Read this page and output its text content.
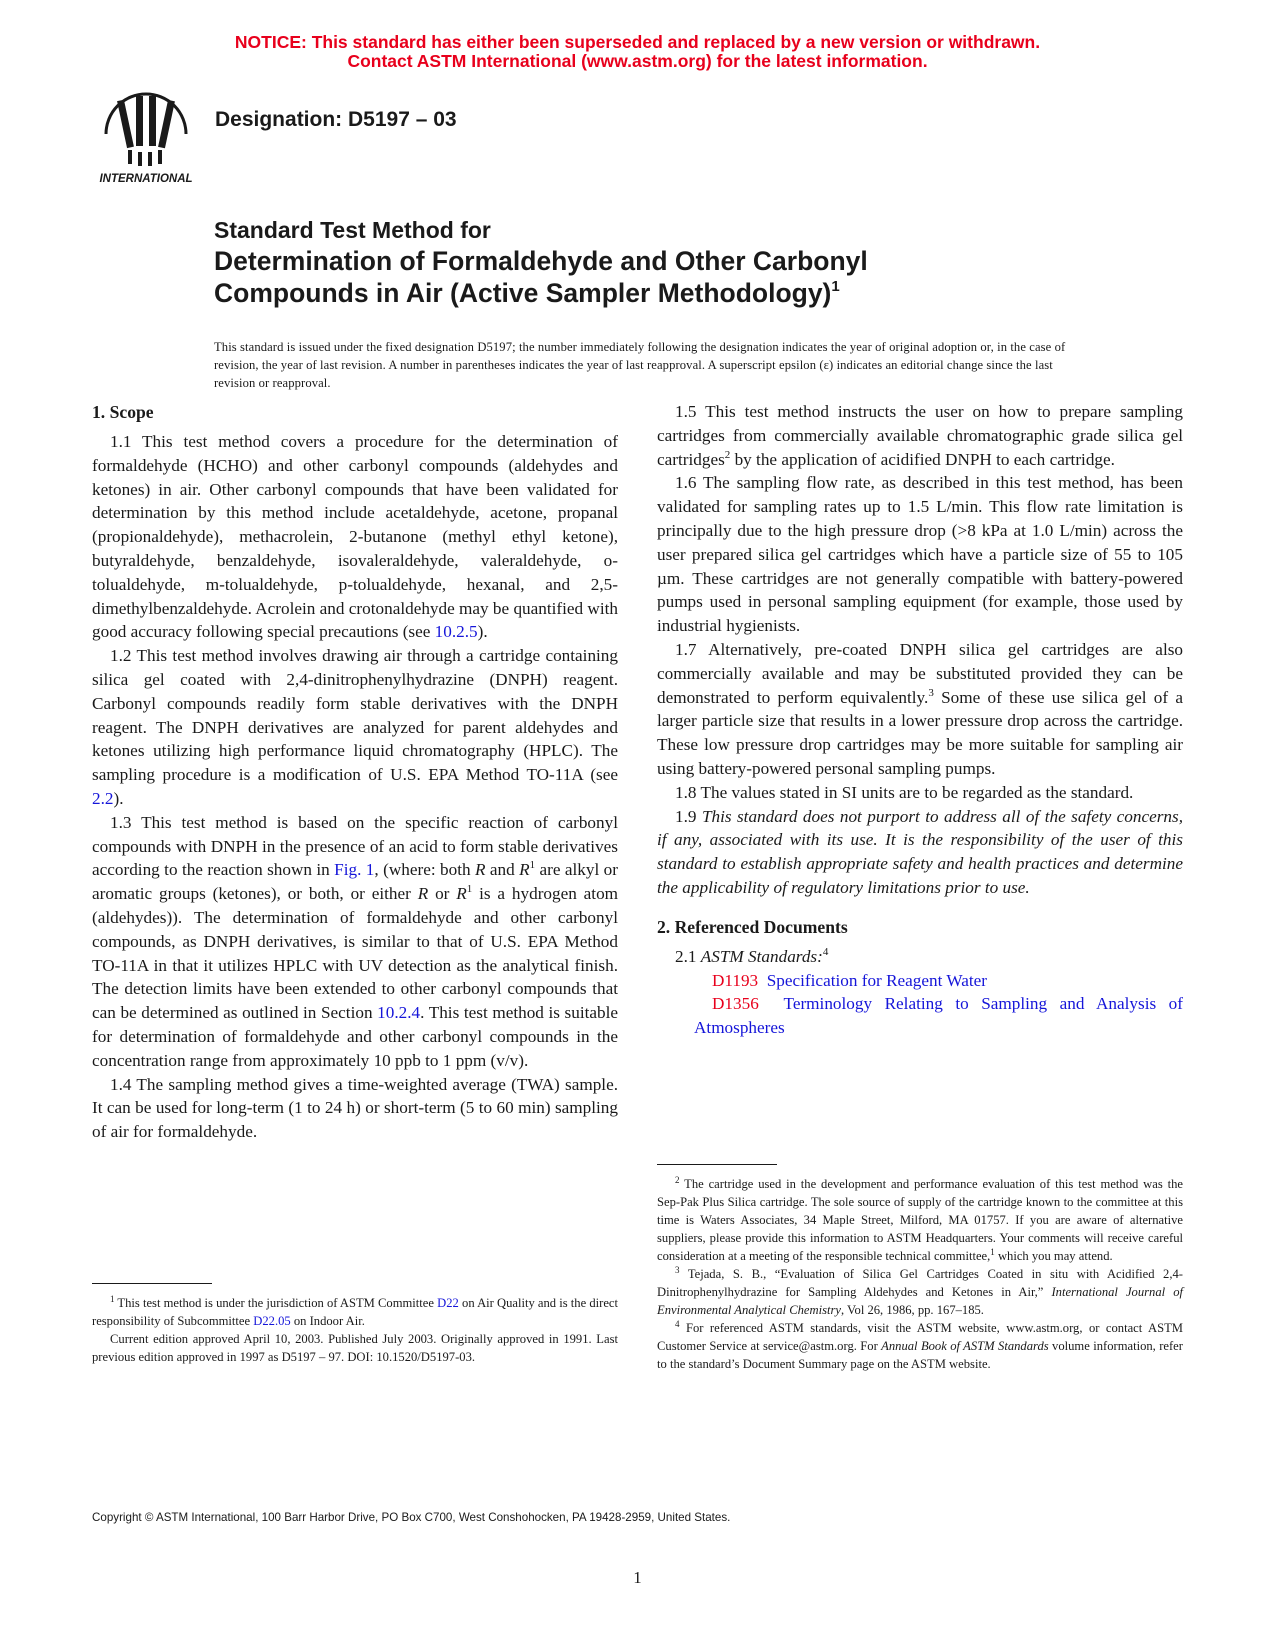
NOTICE: This standard has either been superseded and replaced by a new version or withdrawn.
Contact ASTM International (www.astm.org) for the latest information.
INTERNATIONAL
Designation: D5197 – 03
Standard Test Method for
Determination of Formaldehyde and Other Carbonyl
Compounds in Air (Active Sampler Methodology)$^1$
This standard is issued under the fixed designation D5197; the number immediately following the designation indicates the year of original adoption or, in the case of revision, the year of last revision. A number in parentheses indicates the year of last reapproval. A superscript epsilon (ε) indicates an editorial change since the last revision or reapproval.
1. Scope

1.1 This test method covers a procedure for the determination of formaldehyde (HCHO) and other carbonyl compounds (aldehydes and ketones) in air. Other carbonyl compounds that have been validated for determination by this method include acetaldehyde, acetone, propanal (propionaldehyde), methacrolein, 2-butanone (methyl ethyl ketone), butyraldehyde, benzaldehyde, isovaleraldehyde, valeraldehyde, o-tolualdehyde, m-tolualdehyde, p-tolualdehyde, hexanal, and 2,5-dimethylbenzaldehyde. Acrolein and crotonaldehyde may be quantified with good accuracy following special precautions (see 10.2.5).

1.2 This test method involves drawing air through a cartridge containing silica gel coated with 2,4-dinitrophenylhydrazine (DNPH) reagent. Carbonyl compounds readily form stable derivatives with the DNPH reagent. The DNPH derivatives are analyzed for parent aldehydes and ketones utilizing high performance liquid chromatography (HPLC). The sampling procedure is a modification of U.S. EPA Method TO-11A (see 2.2).

1.3 This test method is based on the specific reaction of carbonyl compounds with DNPH in the presence of an acid to form stable derivatives according to the reaction shown in Fig. 1, (where: both R and R$^1$ are alkyl or aromatic groups (ketones), or both, or either R or R$^1$ is a hydrogen atom (aldehydes)). The determination of formaldehyde and other carbonyl compounds, as DNPH derivatives, is similar to that of U.S. EPA Method TO-11A in that it utilizes HPLC with UV detection as the analytical finish. The detection limits have been extended to other carbonyl compounds that can be determined as outlined in Section 10.2.4. This test method is suitable for determination of formaldehyde and other carbonyl compounds in the concentration range from approximately 10 ppb to 1 ppm (v/v).

1.4 The sampling method gives a time-weighted average (TWA) sample. It can be used for long-term (1 to 24 h) or short-term (5 to 60 min) sampling of air for formaldehyde.

1.5 This test method instructs the user on how to prepare sampling cartridges from commercially available chromatographic grade silica gel cartridges$^2$ by the application of acidified DNPH to each cartridge.

1.6 The sampling flow rate, as described in this test method, has been validated for sampling rates up to 1.5 L/min. This flow rate limitation is principally due to the high pressure drop (>8 kPa at 1.0 L/min) across the user prepared silica gel cartridges which have a particle size of 55 to 105 µm. These cartridges are not generally compatible with battery-powered pumps used in personal sampling equipment (for example, those used by industrial hygienists.

1.7 Alternatively, pre-coated DNPH silica gel cartridges are also commercially available and may be substituted provided they can be demonstrated to perform equivalently.$^3$ Some of these use silica gel of a larger particle size that results in a lower pressure drop across the cartridge. These low pressure drop cartridges may be more suitable for sampling air using battery-powered personal sampling pumps.

1.8 The values stated in SI units are to be regarded as the standard.

1.9 This standard does not purport to address all of the safety concerns, if any, associated with its use. It is the responsibility of the user of this standard to establish appropriate safety and health practices and determine the applicability of regulatory limitations prior to use.

2. Referenced Documents

2.1 ASTM Standards:$^4$

D1193 Specification for Reagent Water

D1356 Terminology Relating to Sampling and Analysis of Atmospheres

$^1$ This test method is under the jurisdiction of ASTM Committee D22 on Air Quality and is the direct responsibility of Subcommittee D22.05 on Indoor Air.

Current edition approved April 10, 2003. Published July 2003. Originally approved in 1991. Last previous edition approved in 1997 as D5197 – 97. DOI: 10.1520/D5197-03.

$^2$ The cartridge used in the development and performance evaluation of this test method was the Sep-Pak Plus Silica cartridge. The sole source of supply of the cartridge known to the committee at this time is Waters Associates, 34 Maple Street, Milford, MA 01757. If you are aware of alternative suppliers, please provide this information to ASTM Headquarters. Your comments will receive careful consideration at a meeting of the responsible technical committee,$^1$ which you may attend.

$^3$ Tejada, S. B., “Evaluation of Silica Gel Cartridges Coated in situ with Acidified 2,4-Dinitrophenylhydrazine for Sampling Aldehydes and Ketones in Air,” International Journal of Environmental Analytical Chemistry, Vol 26, 1986, pp. 167–185.

$^4$ For referenced ASTM standards, visit the ASTM website, www.astm.org, or contact ASTM Customer Service at service@astm.org. For Annual Book of ASTM Standards volume information, refer to the standard’s Document Summary page on the ASTM website.

Copyright © ASTM International, 100 Barr Harbor Drive, PO Box C700, West Conshohocken, PA 19428-2959, United States.
1
